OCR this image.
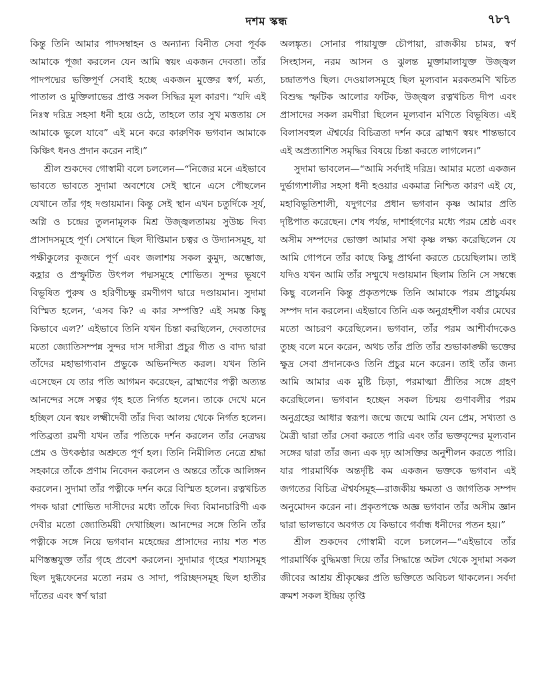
দশম স্কন্ধ	৭৮৭

কিন্তু তিনি আমার পাদসম্বাহন ও অন্যান্য বিনীত সেবা পূর্বক আমাকে পূজা করলেন যেন আমি স্বয়ং একজন দেবতা। তাঁর পাদপদ্মের ভক্তিপূর্ণ সেবাই হচ্ছে একজন মুক্তের স্বর্গ, মর্ত্য, পাতাল ও মুক্তিলাভের প্রাপ্ত সকল সিদ্ধির মূল কারণ। “যদি এই নিঃস্ব দরিদ্র সহসা ধনী হয়ে ওঠে, তাহলে তার সুখ মত্ততায় সে আমাকে ভুলে যাবে” এই মনে করে কারুণিক ভগবান আমাকে কিঞ্চিৎ ধনও প্রদান করেন নাই।”

শ্রীল শুকদেব গোস্বামী বলে চললেন—“নিজের মনে এইভাবে ভাবতে ভাবতে সুদামা অবশেষে সেই স্থানে এসে পৌছলেন যেখানে তাঁর গৃহ দণ্ডায়মান। কিন্তু সেই স্থান এখন চতুর্দিকে সূর্য, অগ্নি ও চন্দ্রের তুলনামূলক মিশ্র উজ্জ্বলতাময় সুউচ্চ দিব্য প্রাসাদসমূহে পূর্ণ। সেখানে ছিল দীপ্তিমান চত্বর ও উদ্যানসমূহ, যা পক্ষীকুলের কূজনে পূর্ণ এবং জলাশয় সকল কুমুদ, অম্ভোজ, কহ্লার ও প্রস্ফুটিত উৎপল পদ্মসমূহে শোভিত। সুন্দর ভূষণে বিভূষিত পুরুষ ও হরিণীচক্ষু রমণীগণ দ্বারে দণ্ডায়মান। সুদামা বিস্মিত হলেন, ‘এসব কি? এ কার সম্পত্তি? এই সমস্ত কিছু কিভাবে এল?’ এইভাবে তিনি যখন চিন্তা করছিলেন, দেবতাদের মতো জ্যোতিসম্পন্ন সুন্দর দাস দাসীরা প্রচুর গীত ও বাদ্য দ্বারা তাঁদের মহাভাগ্যবান প্রভুকে অভিনন্দিত করল। যখন তিনি এসেছেন যে তার পতি আগমন করেছেন, ব্রাহ্মণের পত্নী অত্যন্ত আনন্দের সঙ্গে সত্বর গৃহ হতে নির্গত হলেন। তাকে দেখে মনে হচ্ছিল যেন স্বয়ং লক্ষ্মীদেবী তাঁর দিব্য আলয় থেকে নির্গত হলেন। পতিব্রতা রমণী যখন তাঁর পতিকে দর্শন করলেন তাঁর নেত্রদ্বয় প্রেম ও উৎকণ্ঠার অশ্রুতে পূর্ণ হল। তিনি নিমীলিত নেত্রে শ্রদ্ধা সহকারে তাঁকে প্রণাম নিবেদন করলেন ও অন্তরে তাঁকে আলিঙ্গন করলেন। সুদামা তাঁর পত্নীকে দর্শন করে বিস্মিত হলেন। রত্নখচিত পদক দ্বারা শোভিত দাসীদের মধ্যে তাঁকে দিব্য বিমানচারিণী এক দেবীর মতো জ্যোতির্ময়ী দেখাচ্ছিল। আনন্দের সঙ্গে তিনি তাঁর পত্নীকে সঙ্গে নিয়ে ভগবান মহেন্দ্রের প্রাসাদের ন্যায় শত শত মণিস্তম্ভযুক্ত তাঁর গৃহে প্রবেশ করলেন। সুদামার গৃহের শয্যাসমূহ ছিল দুগ্ধফেনের মতো নরম ও সাদা, পরিচ্ছদসমূহ ছিল হাতীর দাঁতের এবং স্বর্ণ দ্বারা

অলঙ্কৃত। সোনার পায়াযুক্ত চৌপায়া, রাজকীয় চামর, স্বর্ণ সিংহাসন, নরম আসন ও ঝুলন্ত মুক্তামালাযুক্ত উজ্জ্বল চন্দ্রাতপও ছিল। দেওয়ালসমূহে ছিল মূল্যবান মরকতমণি খচিত বিশুদ্ধ স্ফটিক আলোর ফটিক, উজ্জ্বল রত্নখচিত দীপ এবং প্রাসাদের সকল রমণীরা ছিলেন মূল্যবান মণিতে বিভূষিত। এই বিলাসবহুল ঐশ্বর্যের বিচিত্রতা দর্শন করে ব্রাহ্মণ স্বয়ং শান্তভাবে এই অপ্রত্যাশিত সমৃদ্ধির বিষয়ে চিন্তা করতে লাগলেন।”

সুদামা ভাবলেন—“আমি সর্বদাই দরিদ্র। আমার মতো একজন দুর্ভাগ্যশালীর সহসা ধনী হওয়ার একমাত্র নিশ্চিত কারণ এই যে, মহাবিভূতিশালী, যদুগণের প্রধান ভগবান কৃষ্ণ আমার প্রতি দৃষ্টিপাত করেছেন। শেষ পর্যন্ত, দাশার্হগণের মধ্যে পরম শ্রেষ্ঠ এবং অসীম সম্পদের ভোক্তা আমার সখা কৃষ্ণ লক্ষ্য করেছিলেন যে আমি গোপনে তাঁর কাছে কিছু প্রার্থনা করতে চেয়েছিলাম। তাই যদিও যখন আমি তাঁর সম্মুখে দণ্ডায়মান ছিলাম তিনি সে সম্বন্ধে কিছু বলেননি কিন্তু প্রকৃতপক্ষে তিনি আমাকে পরম প্রাচুর্যময় সম্পদ দান করলেন। এইভাবে তিনি এক অনুগ্রহশীল বর্ষার মেঘের মতো আচরণ করেছিলেন। ভগবান, তাঁর পরম আশীর্বাদকেও তুচ্ছ বলে মনে করেন, অথচ তাঁর প্রতি তাঁর শুভাকাঙ্ক্ষী ভক্তের ক্ষুদ্র সেবা প্রদানকেও তিনি প্রচুর মনে করেন। তাই তাঁর জন্য আমি আমার এক মুষ্টি চিড়া, পরমাত্মা প্রীতির সঙ্গে গ্রহণ করেছিলেন। ভগবান হচ্ছেন সকল চিন্ময় গুণাবলীর পরম অনুগ্রহের আধার স্বরূপ। জন্মে জন্মে আমি যেন প্রেম, সখ্যতা ও মৈত্রী দ্বারা তাঁর সেবা করতে পারি এবং তাঁর ভক্তবৃন্দের মূল্যবান সঙ্গের দ্বারা তাঁর জন্য এক দৃঢ় আসক্তির অনুশীলন করতে পারি। যার পারমার্থিক অন্তর্দৃষ্টি কম একজন ভক্তকে ভগবান এই জগতের বিচিত্র ঐশ্বর্যসমূহ—রাজকীয় ক্ষমতা ও জাগতিক সম্পদ অনুমোদন করেন না। প্রকৃতপক্ষে অজ্ঞ ভগবান তাঁর অসীম জ্ঞান দ্বারা ভালভাবে অবগত যে কিভাবে গর্বান্ধ ধনীদের পতন হয়।”

শ্রীল শুকদেব গোস্বামী বলে চললেন—“এইভাবে তাঁর পারমার্থিক বুদ্ধিমত্তা দিয়ে তাঁর সিদ্ধান্তে অটল থেকে সুদামা সকল জীবের আশ্রয় শ্রীকৃষ্ণের প্রতি ভক্তিতে অবিচল থাকলেন। সর্বদা ক্রমশ সকল ইন্দ্রিয় তৃপ্তি
